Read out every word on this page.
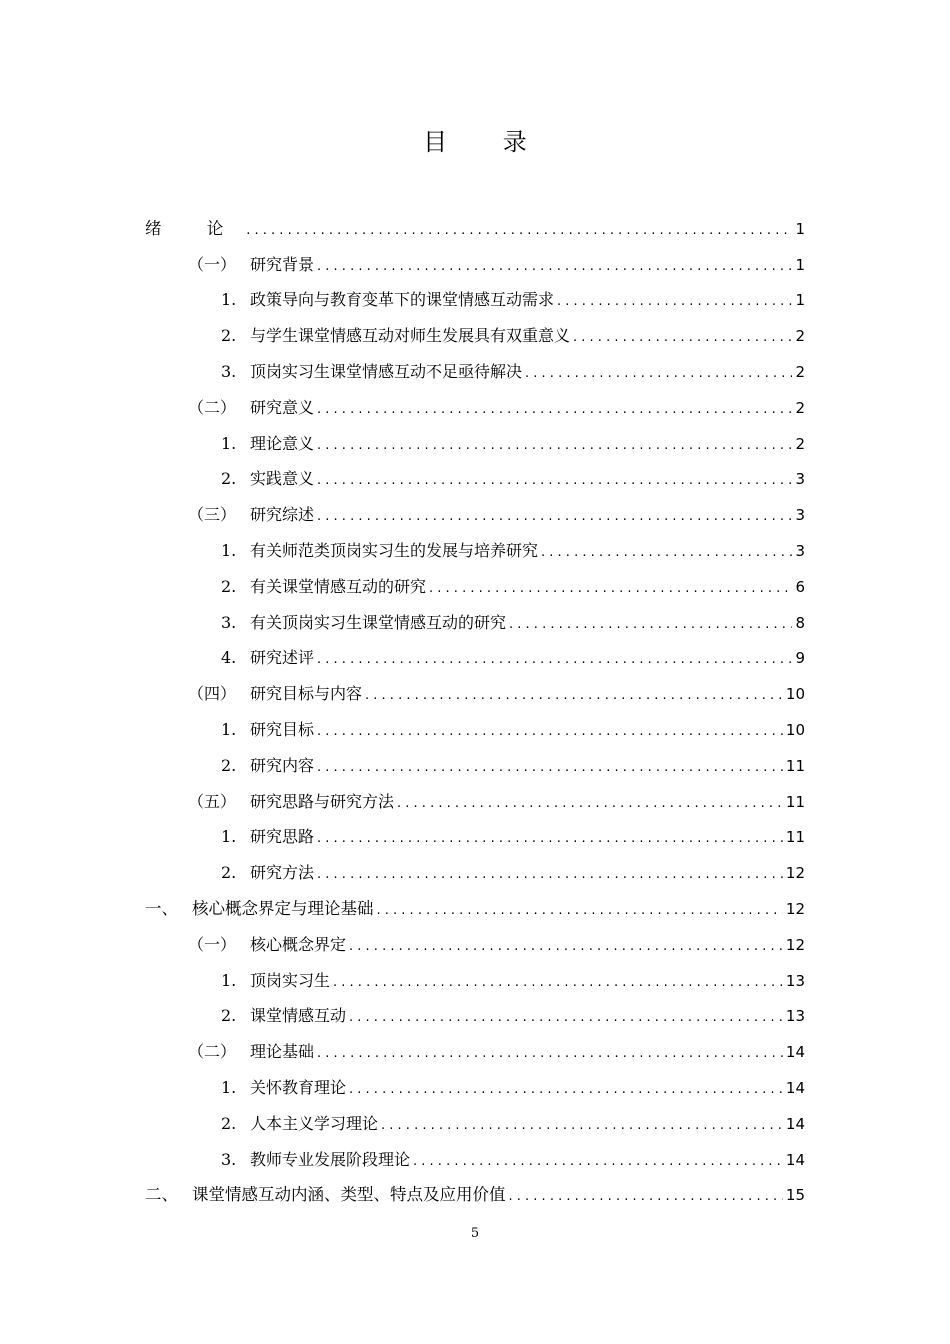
目 录
绪 论 . . .	1
（一） 研究背景 . . .	1
1. 政策导向与教育变革下的课堂情感互动需求 . . .	1
2. 与学生课堂情感互动对师生发展具有双重意义 . . .	2
3. 顶岗实习生课堂情感互动不足亟待解决 . . .	2
（二） 研究意义 . . .	2
1. 理论意义 . . .	2
2. 实践意义 . . .	3
（三） 研究综述 . . .	3
1. 有关师范类顶岗实习生的发展与培养研究 . . .	3
2. 有关课堂情感互动的研究 . . .	6
3. 有关顶岗实习生课堂情感互动的研究 . . .	8
4. 研究述评 . . .	9
（四） 研究目标与内容 . . .	10
1. 研究目标 . . .	10
2. 研究内容 . . .	11
（五） 研究思路与研究方法 . . .	11
1. 研究思路 . . .	11
2. 研究方法 . . .	12
一、 核心概念界定与理论基础 . . .	12
（一） 核心概念界定 . . .	12
1. 顶岗实习生 . . .	13
2. 课堂情感互动 . . .	13
（二） 理论基础 . . .	14
1. 关怀教育理论 . . .	14
2. 人本主义学习理论 . . .	14
3. 教师专业发展阶段理论 . . .	14
二、 课堂情感互动内涵、类型、特点及应用价值 . . .	15
5
